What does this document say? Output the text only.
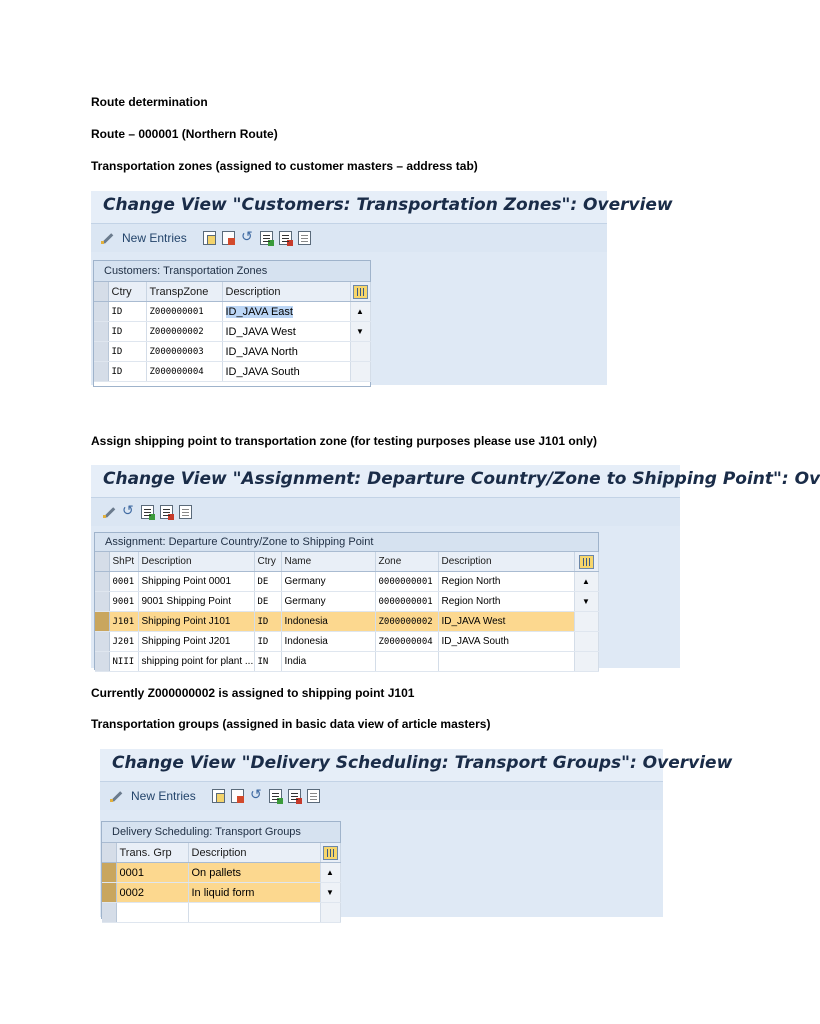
Route determination
Route – 000001 (Northern Route)
Transportation zones (assigned to customer masters – address tab)
Change View "Customers: Transportation Zones": Overview
New Entries
↺
Customers: Transportation Zones
	Ctry	TranspZone	Description	
	ID	Z000000001	ID_JAVA East	▲
	ID	Z000000002	ID_JAVA West	▼
	ID	Z000000003	ID_JAVA North	
	ID	Z000000004	ID_JAVA South	
Assign shipping point to transportation zone (for testing purposes please use J101 only)
Change View "Assignment: Departure Country/Zone to Shipping Point": Ov
↺
Assignment: Departure Country/Zone to Shipping Point
	ShPt	Description	Ctry	Name	Zone	Description	
	0001	Shipping Point 0001	DE	Germany	0000000001	Region North	▲
	9001	9001 Shipping Point	DE	Germany	0000000001	Region North	▼
	J101	Shipping Point J101	ID	Indonesia	Z000000002	ID_JAVA West	
	J201	Shipping Point J201	ID	Indonesia	Z000000004	ID_JAVA South	
	NIII	shipping point for plant ...	IN	India			
Currently Z000000002 is assigned to shipping point J101
Transportation groups (assigned in basic data view of article masters)
Change View "Delivery Scheduling: Transport Groups": Overview
New Entries
↺
Delivery Scheduling: Transport Groups
	Trans. Grp	Description	
	0001	On pallets	▲
	0002	In liquid form	▼
